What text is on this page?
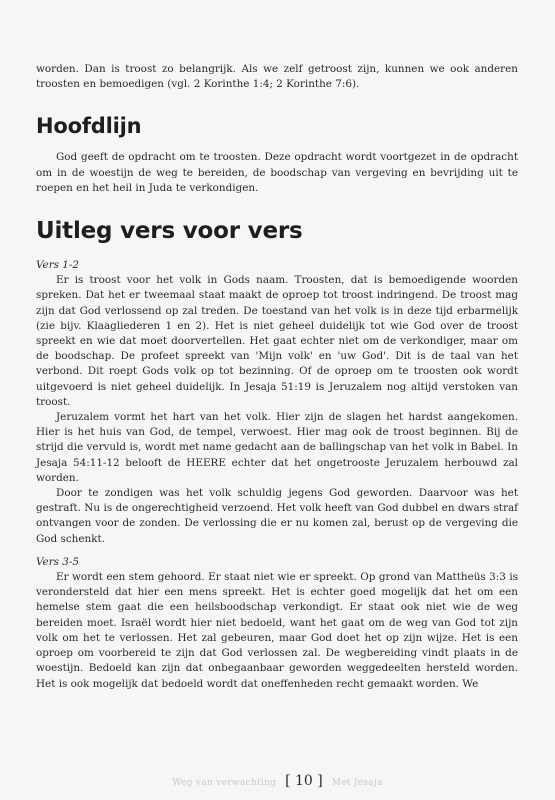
worden. Dan is troost zo belangrijk. Als we zelf getroost zijn, kunnen we ook anderen troosten en bemoedigen (vgl. 2 Korinthe 1:4; 2 Korinthe 7:6).

Hoofdlijn

God geeft de opdracht om te troosten. Deze opdracht wordt voortgezet in de opdracht om in de woestijn de weg te bereiden, de boodschap van vergeving en bevrijding uit te roepen en het heil in Juda te verkondigen.

Uitleg vers voor vers

Vers 1-2

Er is troost voor het volk in Gods naam. Troosten, dat is bemoedigende woorden spreken. Dat het er tweemaal staat maakt de oproep tot troost indringend. De troost mag zijn dat God verlossend op zal treden. De toestand van het volk is in deze tijd erbarmelijk (zie bijv. Klaagliederen 1 en 2). Het is niet geheel duidelijk tot wie God over de troost spreekt en wie dat moet doorvertellen. Het gaat echter niet om de verkondiger, maar om de boodschap. De profeet spreekt van 'Mijn volk' en 'uw God'. Dit is de taal van het verbond. Dit roept Gods volk op tot bezinning. Of de oproep om te troosten ook wordt uitgevoerd is niet geheel duidelijk. In Jesaja 51:19 is Jeruzalem nog altijd verstoken van troost.

Jeruzalem vormt het hart van het volk. Hier zijn de slagen het hardst aangekomen. Hier is het huis van God, de tempel, verwoest. Hier mag ook de troost beginnen. Bij de strijd die vervuld is, wordt met name gedacht aan de ballingschap van het volk in Babel. In Jesaja 54:11-12 belooft de HEERE echter dat het ongetrooste Jeruzalem herbouwd zal worden.

Door te zondigen was het volk schuldig jegens God geworden. Daarvoor was het gestraft. Nu is de ongerechtigheid verzoend. Het volk heeft van God dubbel en dwars straf ontvangen voor de zonden. De verlossing die er nu komen zal, berust op de vergeving die God schenkt.

Vers 3-5

Er wordt een stem gehoord. Er staat niet wie er spreekt. Op grond van Mattheüs 3:3 is verondersteld dat hier een mens spreekt. Het is echter goed mogelijk dat het om een hemelse stem gaat die een heilsboodschap verkondigt. Er staat ook niet wie de weg bereiden moet. Israël wordt hier niet bedoeld, want het gaat om de weg van God tot zijn volk om het te verlossen. Het zal gebeuren, maar God doet het op zijn wijze. Het is een oproep om voorbereid te zijn dat God verlossen zal. De wegbereiding vindt plaats in de woestijn. Bedoeld kan zijn dat onbegaanbaar geworden weggedeelten hersteld worden. Het is ook mogelijk dat bedoeld wordt dat oneffenheden recht gemaakt worden. We

Weg van verwachting [ 10 ] Met Jesaja
